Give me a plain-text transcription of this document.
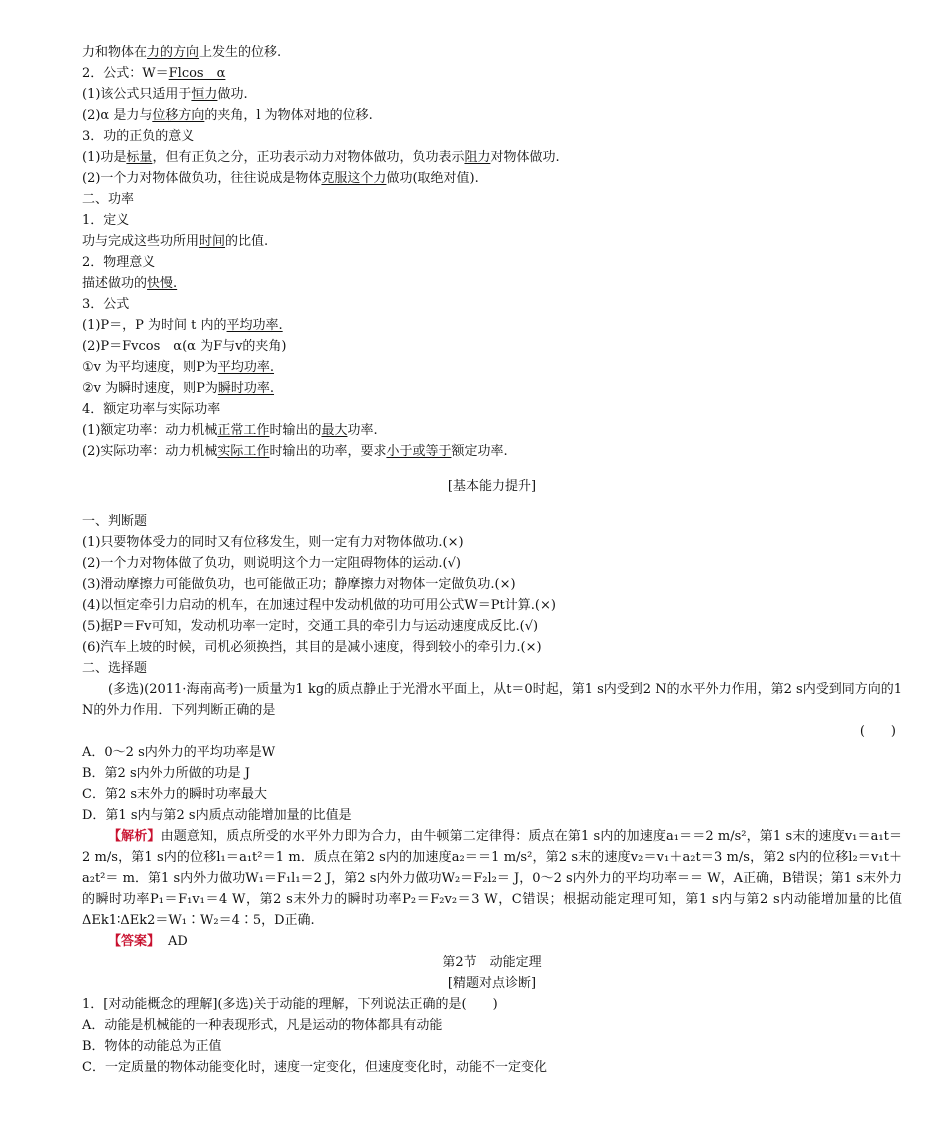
力和物体在力的方向上发生的位移.
2．公式：W＝Flcos　α
(1)该公式只适用于恒力做功.
(2)α 是力与位移方向的夹角，l 为物体对地的位移.
3．功的正负的意义
(1)功是标量，但有正负之分，正功表示动力对物体做功，负功表示阻力对物体做功.
(2)一个力对物体做负功，往往说成是物体克服这个力做功(取绝对值).
二、功率
1．定义
功与完成这些功所用时间的比值.
2．物理意义
描述做功的快慢.
3．公式
(1)P＝，P 为时间 t 内的平均功率.
(2)P＝Fvcos　α(α 为F与v的夹角)
①v 为平均速度，则P为平均功率.
②v 为瞬时速度，则P为瞬时功率.
4．额定功率与实际功率
(1)额定功率：动力机械正常工作时输出的最大功率.
(2)实际功率：动力机械实际工作时输出的功率，要求小于或等于额定功率.
[基本能力提升]
一、判断题
(1)只要物体受力的同时又有位移发生，则一定有力对物体做功.(×)
(2)一个力对物体做了负功，则说明这个力一定阻碍物体的运动.(√)
(3)滑动摩擦力可能做负功，也可能做正功；静摩擦力对物体一定做负功.(×)
(4)以恒定牵引力启动的机车，在加速过程中发动机做的功可用公式W＝Pt计算.(×)
(5)据P＝Fv可知，发动机功率一定时，交通工具的牵引力与运动速度成反比.(√)
(6)汽车上坡的时候，司机必须换挡，其目的是减小速度，得到较小的牵引力.(×)
二、选择题
(多选)(2011·海南高考)一质量为1 kg的质点静止于光滑水平面上，从t＝0时起，第1 s内受到2 N的水平外力作用，第2 s内受到同方向的1 N的外力作用．下列判断正确的是
(　　)
A．0～2 s内外力的平均功率是W
B．第2 s内外力所做的功是 J
C．第2 s末外力的瞬时功率最大
D．第1 s内与第2 s内质点动能增加量的比值是
【解析】由题意知，质点所受的水平外力即为合力，由牛顿第二定律得：质点在第1 s内的加速度a₁＝＝2 m/s²，第1 s末的速度v₁＝a₁t＝2 m/s，第1 s内的位移l₁＝a₁t²＝1 m．质点在第2 s内的加速度a₂＝＝1 m/s²，第2 s末的速度v₂＝v₁＋a₂t＝3 m/s，第2 s内的位移l₂＝v₁t＋a₂t²＝ m．第1 s内外力做功W₁＝F₁l₁＝2 J，第2 s内外力做功W₂＝F₂l₂＝ J，0～2 s内外力的平均功率＝＝ W，A正确，B错误；第1 s末外力的瞬时功率P₁＝F₁v₁＝4 W，第2 s末外力的瞬时功率P₂＝F₂v₂＝3 W，C错误；根据动能定理可知，第1 s内与第2 s内动能增加量的比值ΔEk1∶ΔEk2＝W₁∶W₂＝4∶5，D正确.
【答案】 AD
第2节　动能定理
[精题对点诊断]
1．[对动能概念的理解](多选)关于动能的理解，下列说法正确的是(　　)
A．动能是机械能的一种表现形式，凡是运动的物体都具有动能
B．物体的动能总为正值
C．一定质量的物体动能变化时，速度一定变化，但速度变化时，动能不一定变化
